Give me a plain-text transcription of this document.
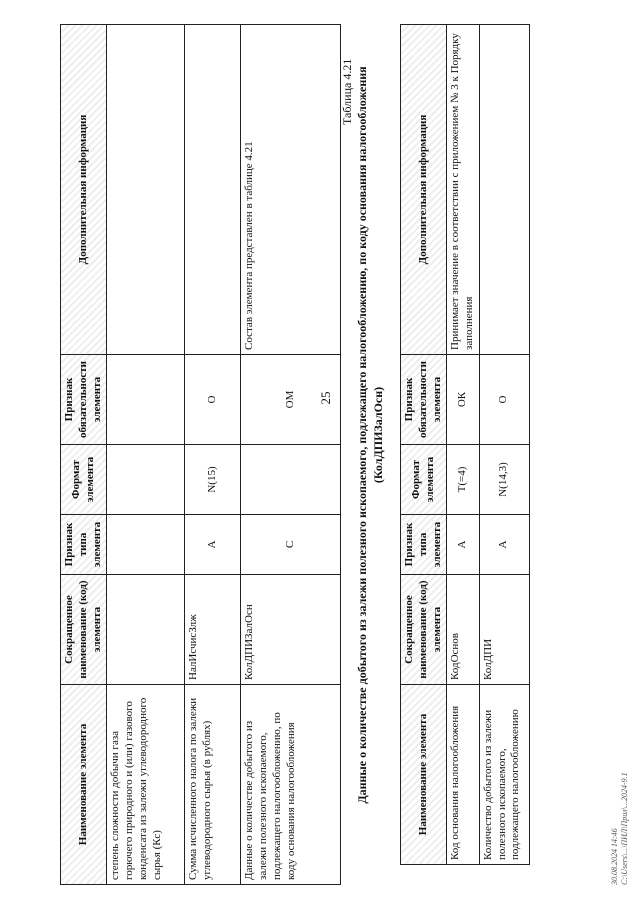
25
Наименование элемента	Сокращенное наименование (код) элемента	Признак типа элемента	Формат элемента	Признак обязательности элемента	Дополнительная информация
степень сложности добычи газа горючего природного и (или) газового конденсата из залежи углеводородного сырья (Кс)					
Сумма исчисленного налога по залежи углеводородного сырья (в рублях)	НалИсчисЗлж	А	N(15)	О	
Данные о количестве добытого из залежи полезного ископаемого, подлежащего налогообложению, по коду основания налогообложения	КолДПИЗалОсн	С		ОМ	Состав элемента представлен в таблице 4.21
Таблица 4.21 Данные о количестве добытого из залежи полезного ископаемого, подлежащего налогообложению, по коду основания налогообложения (КолДПИЗалОсн)
Наименование элемента	Сокращенное наименование (код) элемента	Признак типа элемента	Формат элемента	Признак обязательности элемента	Дополнительная информация
Код основания налогообложения	КодОснов	А	Т(=4)	ОК	Принимает значение в соответствии с приложением № 3 к Порядку заполнения
Количество добытого из залежи полезного ископаемого, подлежащего налогообложению	КолДПИ	А	N(14,3)	О	
30.08.2024 14:46 C:\Users\...\ПИЛ\Прил\...2024-9.1
